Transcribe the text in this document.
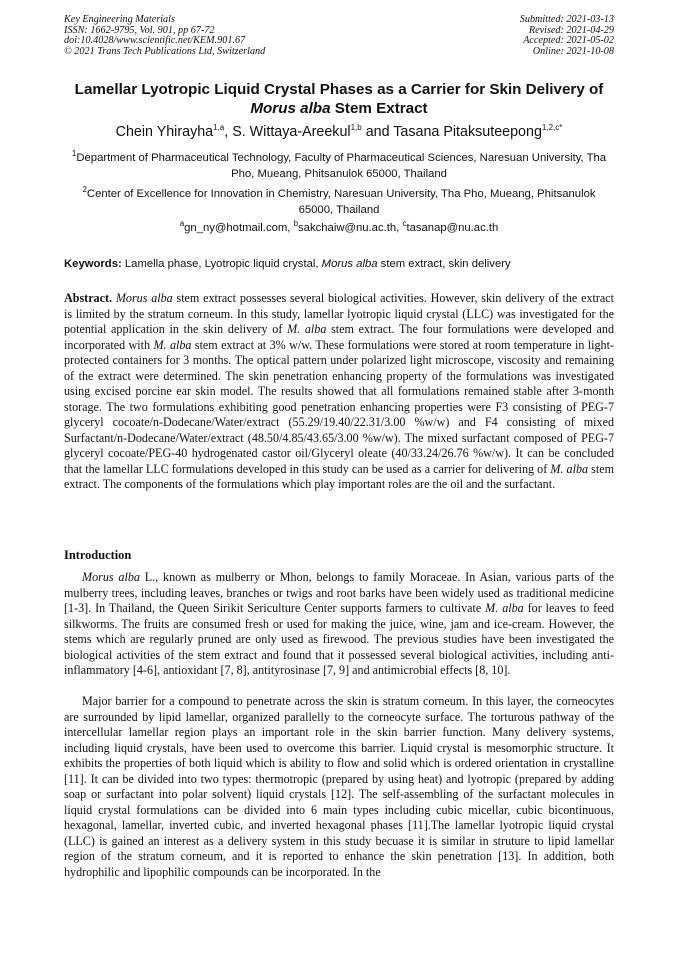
Key Engineering Materials
ISSN: 1662-9795, Vol. 901, pp 67-72
doi:10.4028/www.scientific.net/KEM.901.67
© 2021 Trans Tech Publications Ltd, Switzerland
Submitted: 2021-03-13
Revised: 2021-04-29
Accepted: 2021-05-02
Online: 2021-10-08
Lamellar Lyotropic Liquid Crystal Phases as a Carrier for Skin Delivery of
Morus alba Stem Extract
Chein Yhirayha$^{1,a}$, S. Wittaya-Areekul$^{1,b}$ and Tasana Pitaksuteepong$^{1,2,c*}$
$^1$Department of Pharmaceutical Technology, Faculty of Pharmaceutical Sciences, Naresuan University, Tha Pho, Mueang, Phitsanulok 65000, Thailand
$^2$Center of Excellence for Innovation in Chemistry, Naresuan University, Tha Pho, Mueang, Phitsanulok 65000, Thailand
$^a$gn_ny@hotmail.com, $^b$sakchaiw@nu.ac.th, $^c$tasanap@nu.ac.th
Keywords: Lamella phase, Lyotropic liquid crystal, Morus alba stem extract, skin delivery
Abstract. Morus alba stem extract possesses several biological activities. However, skin delivery of the extract is limited by the stratum corneum. In this study, lamellar lyotropic liquid crystal (LLC) was investigated for the potential application in the skin delivery of M. alba stem extract. The four formulations were developed and incorporated with M. alba stem extract at 3% w/w. These formulations were stored at room temperature in light-protected containers for 3 months. The optical pattern under polarized light microscope, viscosity and remaining of the extract were determined. The skin penetration enhancing property of the formulations was investigated using excised porcine ear skin model. The results showed that all formulations remained stable after 3-month storage. The two formulations exhibiting good penetration enhancing properties were F3 consisting of PEG-7 glyceryl cocoate/n-Dodecane/Water/extract (55.29/19.40/22.31/3.00 %w/w) and F4 consisting of mixed Surfactant/n-Dodecane/Water/extract (48.50/4.85/43.65/3.00 %w/w). The mixed surfactant composed of PEG-7 glyceryl cocoate/PEG-40 hydrogenated castor oil/Glyceryl oleate (40/33.24/26.76 %w/w). It can be concluded that the lamellar LLC formulations developed in this study can be used as a carrier for delivering of M. alba stem extract. The components of the formulations which play important roles are the oil and the surfactant.
Introduction
Morus alba L., known as mulberry or Mhon, belongs to family Moraceae. In Asian, various parts of the mulberry trees, including leaves, branches or twigs and root barks have been widely used as traditional medicine [1-3]. In Thailand, the Queen Sirikit Sericulture Center supports farmers to cultivate M. alba for leaves to feed silkworms. The fruits are consumed fresh or used for making the juice, wine, jam and ice-cream. However, the stems which are regularly pruned are only used as firewood. The previous studies have been investigated the biological activities of the stem extract and found that it possessed several biological activities, including anti-inflammatory [4-6], antioxidant [7, 8], antityrosinase [7, 9] and antimicrobial effects [8, 10].
Major barrier for a compound to penetrate across the skin is stratum corneum. In this layer, the corneocytes are surrounded by lipid lamellar, organized parallelly to the corneocyte surface. The torturous pathway of the intercellular lamellar region plays an important role in the skin barrier function. Many delivery systems, including liquid crystals, have been used to overcome this barrier. Liquid crystal is mesomorphic structure. It exhibits the properties of both liquid which is ability to flow and solid which is ordered orientation in crystalline [11]. It can be divided into two types: thermotropic (prepared by using heat) and lyotropic (prepared by adding soap or surfactant into polar solvent) liquid crystals [12]. The self-assembling of the surfactant molecules in liquid crystal formulations can be divided into 6 main types including cubic micellar, cubic bicontinuous, hexagonal, lamellar, inverted cubic, and inverted hexagonal phases [11].The lamellar lyotropic liquid crystal (LLC) is gained an interest as a delivery system in this study becuase it is similar in struture to lipid lamellar region of the stratum corneum, and it is reported to enhance the skin penetration [13]. In addition, both hydrophilic and lipophilic compounds can be incorporated. In the
